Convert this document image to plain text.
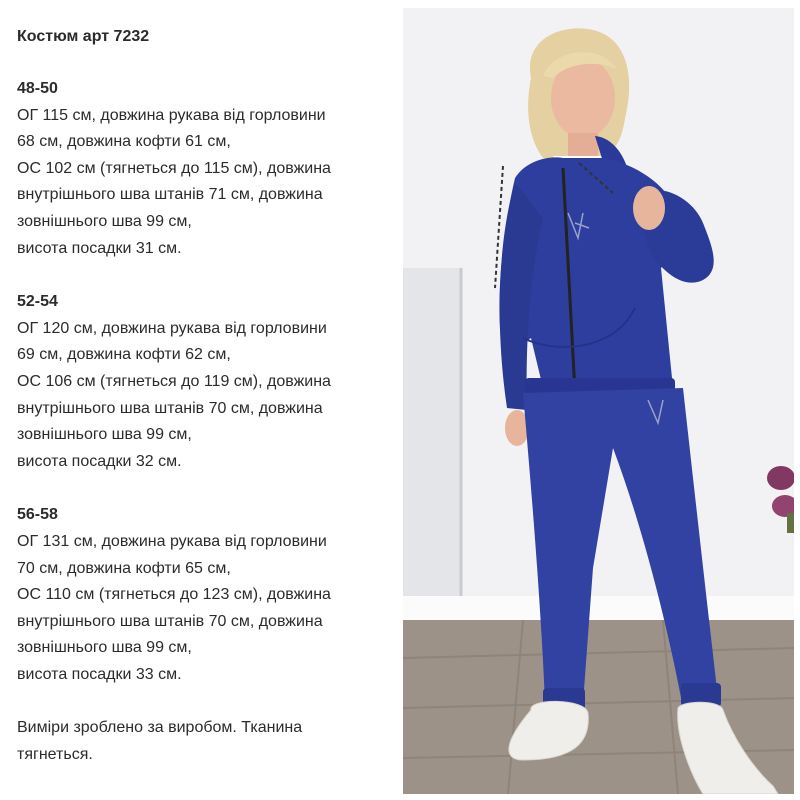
Костюм арт 7232
48-50
ОГ 115 см, довжина рукава від горловини
68 см, довжина кофти 61 см,
ОС 102 см (тягнеться до 115 см), довжина
внутрішнього шва штанів 71 см, довжина
зовнішнього шва 99 см,
висота посадки 31 см.
52-54
ОГ 120 см, довжина рукава від горловини
69 см, довжина кофти 62 см,
ОС 106 см (тягнеться до 119 см), довжина
внутрішнього шва штанів 70 см, довжина
зовнішнього шва 99 см,
висота посадки 32 см.
56-58
ОГ 131 см, довжина рукава від горловини
70 см, довжина кофти 65 см,
ОС 110 см (тягнеться до 123 см), довжина
внутрішнього шва штанів 70 см, довжина
зовнішнього шва 99 см,
висота посадки 33 см.
Виміри зроблено за виробом. Тканина
тягнеться.
